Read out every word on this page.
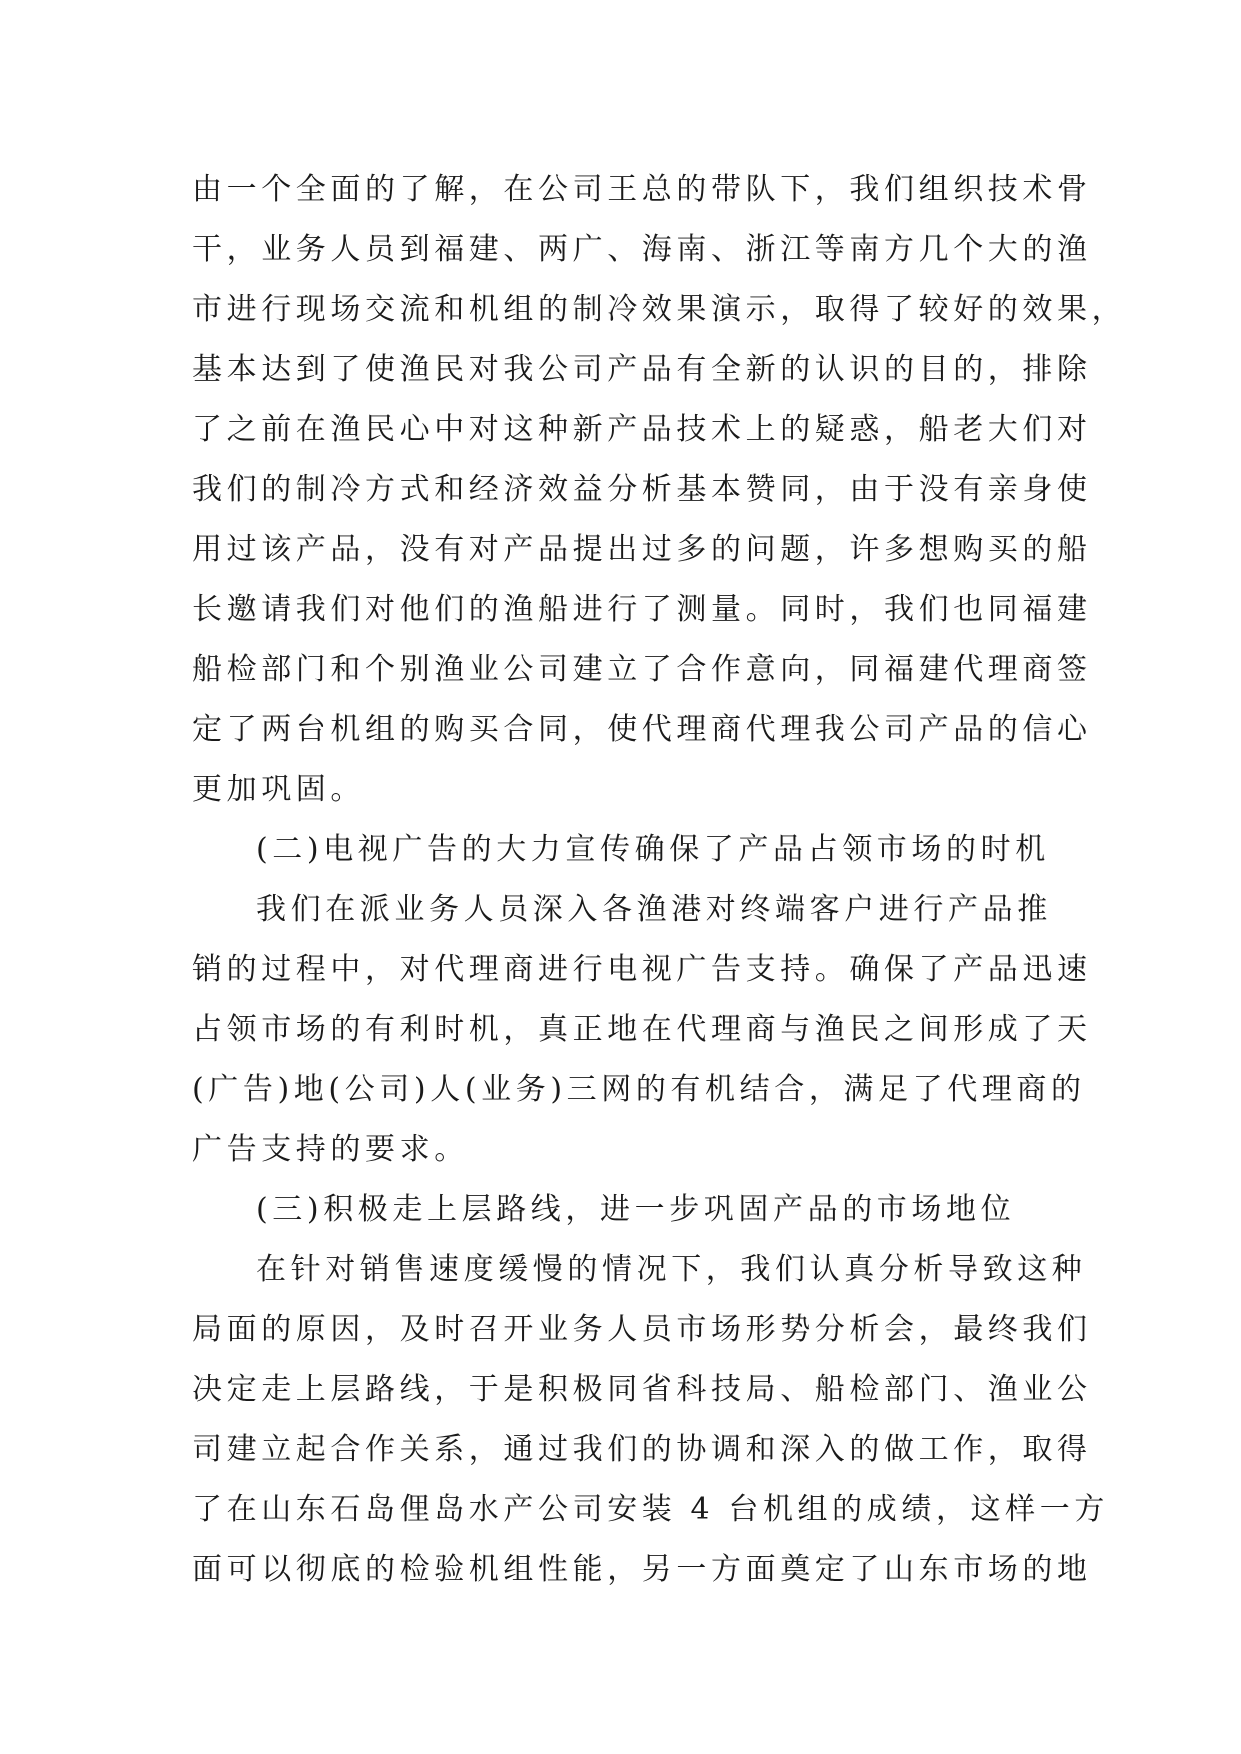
由一个全面的了解，在公司王总的带队下，我们组织技术骨
干，业务人员到福建、两广、海南、浙江等南方几个大的渔
市进行现场交流和机组的制冷效果演示，取得了较好的效果，
基本达到了使渔民对我公司产品有全新的认识的目的，排除
了之前在渔民心中对这种新产品技术上的疑惑，船老大们对
我们的制冷方式和经济效益分析基本赞同，由于没有亲身使
用过该产品，没有对产品提出过多的问题，许多想购买的船
长邀请我们对他们的渔船进行了测量。同时，我们也同福建
船检部门和个别渔业公司建立了合作意向，同福建代理商签
定了两台机组的购买合同，使代理商代理我公司产品的信心
更加巩固。
(二)电视广告的大力宣传确保了产品占领市场的时机
我们在派业务人员深入各渔港对终端客户进行产品推
销的过程中，对代理商进行电视广告支持。确保了产品迅速
占领市场的有利时机，真正地在代理商与渔民之间形成了天
(广告)地(公司)人(业务)三网的有机结合，满足了代理商的
广告支持的要求。
(三)积极走上层路线，进一步巩固产品的市场地位
在针对销售速度缓慢的情况下，我们认真分析导致这种
局面的原因，及时召开业务人员市场形势分析会，最终我们
决定走上层路线，于是积极同省科技局、船检部门、渔业公
司建立起合作关系，通过我们的协调和深入的做工作，取得
了在山东石岛俚岛水产公司安装 4 台机组的成绩，这样一方
面可以彻底的检验机组性能，另一方面奠定了山东市场的地
